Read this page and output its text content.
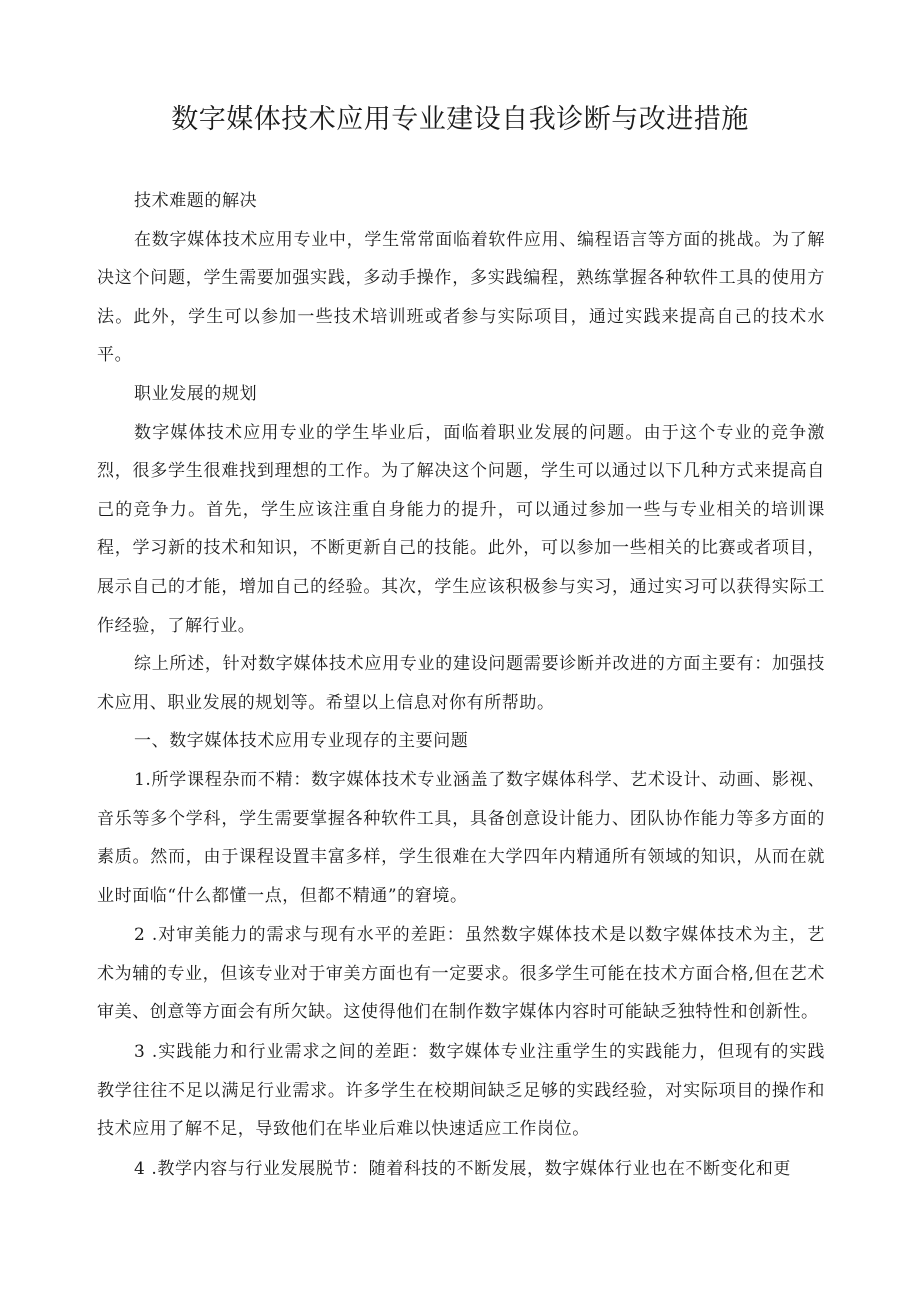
数字媒体技术应用专业建设自我诊断与改进措施

技术难题的解决

在数字媒体技术应用专业中，学生常常面临着软件应用、编程语言等方面的挑战。为了解决这个问题，学生需要加强实践，多动手操作，多实践编程，熟练掌握各种软件工具的使用方法。此外，学生可以参加一些技术培训班或者参与实际项目，通过实践来提高自己的技术水平。

职业发展的规划

数字媒体技术应用专业的学生毕业后，面临着职业发展的问题。由于这个专业的竞争激烈，很多学生很难找到理想的工作。为了解决这个问题，学生可以通过以下几种方式来提高自己的竞争力。首先，学生应该注重自身能力的提升，可以通过参加一些与专业相关的培训课程，学习新的技术和知识，不断更新自己的技能。此外，可以参加一些相关的比赛或者项目，展示自己的才能，增加自己的经验。其次，学生应该积极参与实习，通过实习可以获得实际工作经验，了解行业。

综上所述，针对数字媒体技术应用专业的建设问题需要诊断并改进的方面主要有：加强技术应用、职业发展的规划等。希望以上信息对你有所帮助。

一、数字媒体技术应用专业现存的主要问题

1.所学课程杂而不精：数字媒体技术专业涵盖了数字媒体科学、艺术设计、动画、影视、音乐等多个学科，学生需要掌握各种软件工具，具备创意设计能力、团队协作能力等多方面的素质。然而，由于课程设置丰富多样，学生很难在大学四年内精通所有领域的知识，从而在就业时面临“什么都懂一点，但都不精通”的窘境。

2 .对审美能力的需求与现有水平的差距：虽然数字媒体技术是以数字媒体技术为主，艺术为辅的专业，但该专业对于审美方面也有一定要求。很多学生可能在技术方面合格,但在艺术审美、创意等方面会有所欠缺。这使得他们在制作数字媒体内容时可能缺乏独特性和创新性。

3 .实践能力和行业需求之间的差距：数字媒体专业注重学生的实践能力，但现有的实践教学往往不足以满足行业需求。许多学生在校期间缺乏足够的实践经验，对实际项目的操作和技术应用了解不足，导致他们在毕业后难以快速适应工作岗位。

4 .教学内容与行业发展脱节：随着科技的不断发展，数字媒体行业也在不断变化和更
